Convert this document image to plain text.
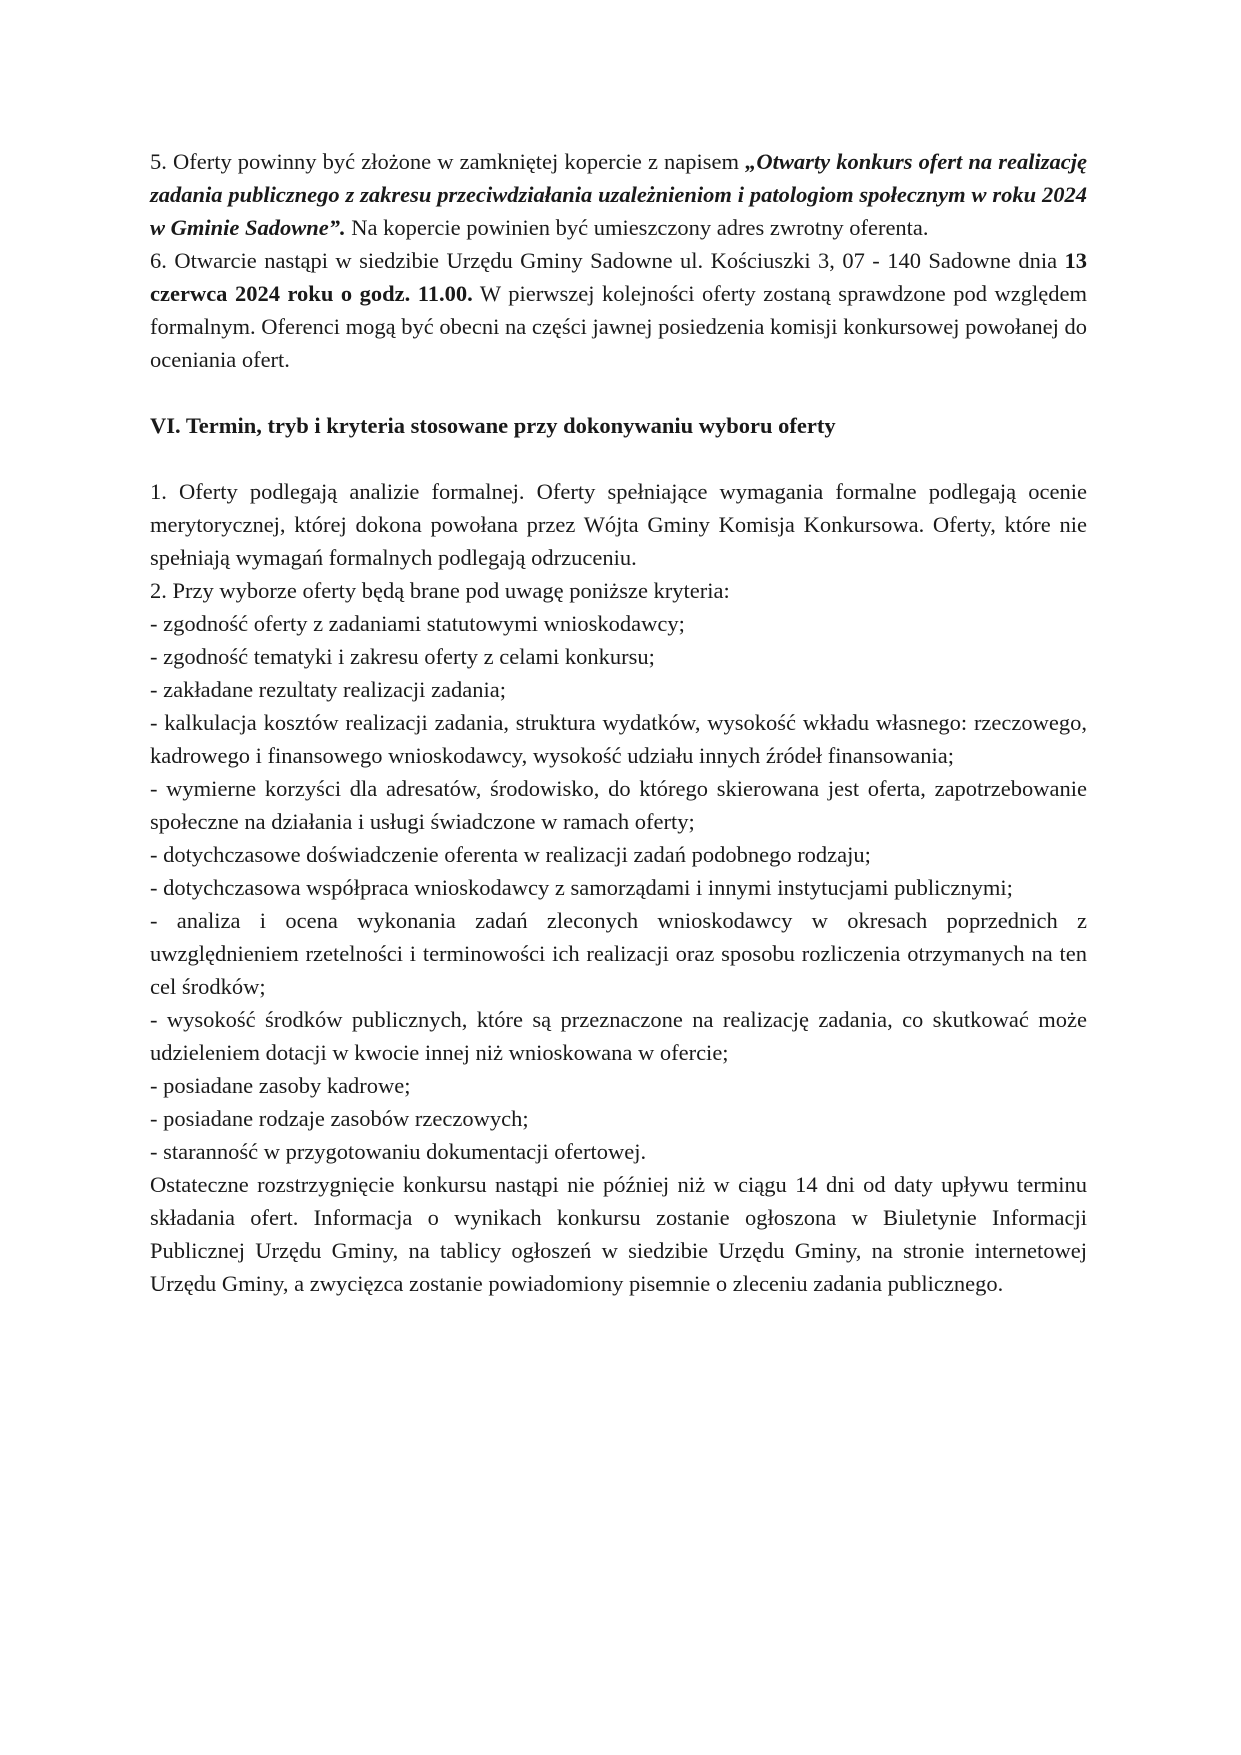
5. Oferty powinny być złożone w zamkniętej kopercie z napisem „Otwarty konkurs ofert na realizację zadania publicznego z zakresu przeciwdziałania uzależnieniom i patologiom społecznym w roku 2024 w Gminie Sadowne”. Na kopercie powinien być umieszczony adres zwrotny oferenta.

6. Otwarcie nastąpi w siedzibie Urzędu Gminy Sadowne ul. Kościuszki 3, 07 - 140 Sadowne dnia 13 czerwca 2024 roku o godz. 11.00. W pierwszej kolejności oferty zostaną sprawdzone pod względem formalnym. Oferenci mogą być obecni na części jawnej posiedzenia komisji konkursowej powołanej do oceniania ofert.

VI. Termin, tryb i kryteria stosowane przy dokonywaniu wyboru oferty

1. Oferty podlegają analizie formalnej. Oferty spełniające wymagania formalne podlegają ocenie merytorycznej, której dokona powołana przez Wójta Gminy Komisja Konkursowa. Oferty, które nie spełniają wymagań formalnych podlegają odrzuceniu.

2. Przy wyborze oferty będą brane pod uwagę poniższe kryteria:

- zgodność oferty z zadaniami statutowymi wnioskodawcy;

- zgodność tematyki i zakresu oferty z celami konkursu;

- zakładane rezultaty realizacji zadania;

- kalkulacja kosztów realizacji zadania, struktura wydatków, wysokość wkładu własnego: rzeczowego, kadrowego i finansowego wnioskodawcy, wysokość udziału innych źródeł finansowania;

- wymierne korzyści dla adresatów, środowisko, do którego skierowana jest oferta, zapotrzebowanie społeczne na działania i usługi świadczone w ramach oferty;

- dotychczasowe doświadczenie oferenta w realizacji zadań podobnego rodzaju;

- dotychczasowa współpraca wnioskodawcy z samorządami i innymi instytucjami publicznymi;

- analiza i ocena wykonania zadań zleconych wnioskodawcy w okresach poprzednich z uwzględnieniem rzetelności i terminowości ich realizacji oraz sposobu rozliczenia otrzymanych na ten cel środków;

- wysokość środków publicznych, które są przeznaczone na realizację zadania, co skutkować może udzieleniem dotacji w kwocie innej niż wnioskowana w ofercie;

- posiadane zasoby kadrowe;

- posiadane rodzaje zasobów rzeczowych;

- staranność w przygotowaniu dokumentacji ofertowej.

Ostateczne rozstrzygnięcie konkursu nastąpi nie później niż w ciągu 14 dni od daty upływu terminu składania ofert. Informacja o wynikach konkursu zostanie ogłoszona w Biuletynie Informacji Publicznej Urzędu Gminy, na tablicy ogłoszeń w siedzibie Urzędu Gminy, na stronie internetowej Urzędu Gminy, a zwycięzca zostanie powiadomiony pisemnie o zleceniu zadania publicznego.
